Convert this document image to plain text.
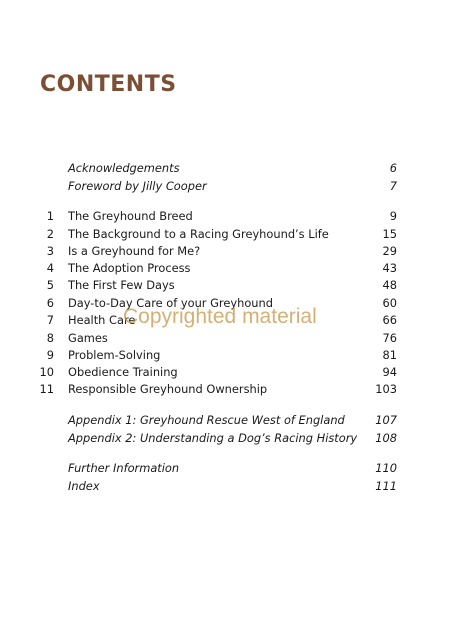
CONTENTS
Acknowledgements	6
Foreword by Jilly Cooper	7
1 The Greyhound Breed	9
2 The Background to a Racing Greyhound’s Life	15
3 Is a Greyhound for Me?	29
4 The Adoption Process	43
5 The First Few Days	48
6 Day-to-Day Care of your Greyhound	60
7 Health Care	66
8 Games	76
9 Problem-Solving	81
10 Obedience Training	94
11 Responsible Greyhound Ownership	103
Appendix 1: Greyhound Rescue West of England	107
Appendix 2: Understanding a Dog’s Racing History	108
Further Information	110
Index	111
Copyrighted material
